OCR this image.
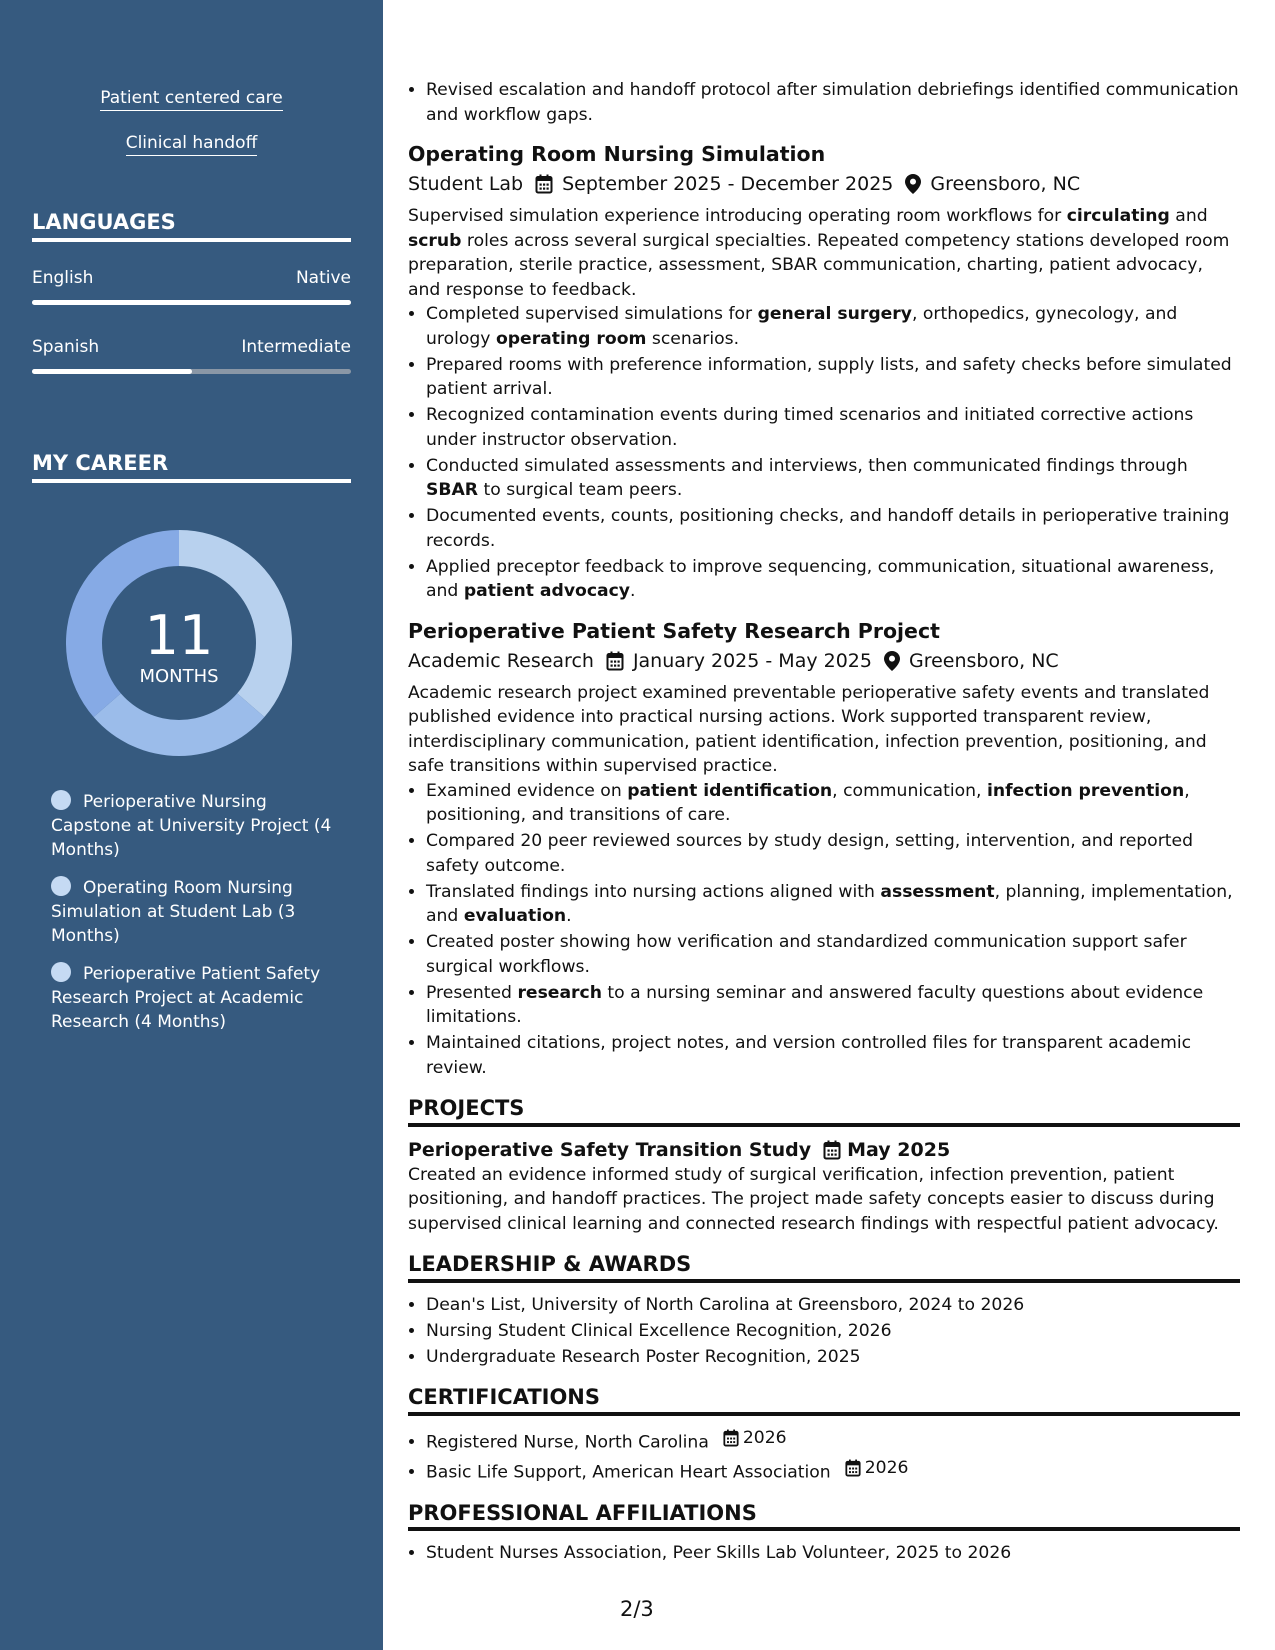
Patient centered care
Clinical handoff
LANGUAGES
English	Native
Spanish	Intermediate
MY CAREER
11
MONTHS
Perioperative Nursing Capstone at University Project (4 Months)
Operating Room Nursing Simulation at Student Lab (3 Months)
Perioperative Patient Safety Research Project at Academic Research (4 Months)
• Revised escalation and handoff protocol after simulation debriefings identified communication and workflow gaps.
Operating Room Nursing Simulation
Student Lab September 2025 - December 2025 Greensboro, NC

Supervised simulation experience introducing operating room workflows for circulating and scrub roles across several surgical specialties. Repeated competency stations developed room preparation, sterile practice, assessment, SBAR communication, charting, patient advocacy, and response to feedback.

• Completed supervised simulations for general surgery, orthopedics, gynecology, and urology operating room scenarios.
• Prepared rooms with preference information, supply lists, and safety checks before simulated patient arrival.
• Recognized contamination events during timed scenarios and initiated corrective actions under instructor observation.
• Conducted simulated assessments and interviews, then communicated findings through SBAR to surgical team peers.
• Documented events, counts, positioning checks, and handoff details in perioperative training records.
• Applied preceptor feedback to improve sequencing, communication, situational awareness, and patient advocacy.
Perioperative Patient Safety Research Project
Academic Research January 2025 - May 2025 Greensboro, NC

Academic research project examined preventable perioperative safety events and translated published evidence into practical nursing actions. Work supported transparent review, interdisciplinary communication, patient identification, infection prevention, positioning, and safe transitions within supervised practice.

• Examined evidence on patient identification, communication, infection prevention, positioning, and transitions of care.
• Compared 20 peer reviewed sources by study design, setting, intervention, and reported safety outcome.
• Translated findings into nursing actions aligned with assessment, planning, implementation, and evaluation.
• Created poster showing how verification and standardized communication support safer surgical workflows.
• Presented research to a nursing seminar and answered faculty questions about evidence limitations.
• Maintained citations, project notes, and version controlled files for transparent academic review.
PROJECTS
Perioperative Safety Transition Study May 2025

Created an evidence informed study of surgical verification, infection prevention, patient positioning, and handoff practices. The project made safety concepts easier to discuss during supervised clinical learning and connected research findings with respectful patient advocacy.

LEADERSHIP & AWARDS
• Dean's List, University of North Carolina at Greensboro, 2024 to 2026
• Nursing Student Clinical Excellence Recognition, 2026
• Undergraduate Research Poster Recognition, 2025
CERTIFICATIONS
• Registered Nurse, North Carolina 2026
• Basic Life Support, American Heart Association 2026
PROFESSIONAL AFFILIATIONS
• Student Nurses Association, Peer Skills Lab Volunteer, 2025 to 2026
2/3
